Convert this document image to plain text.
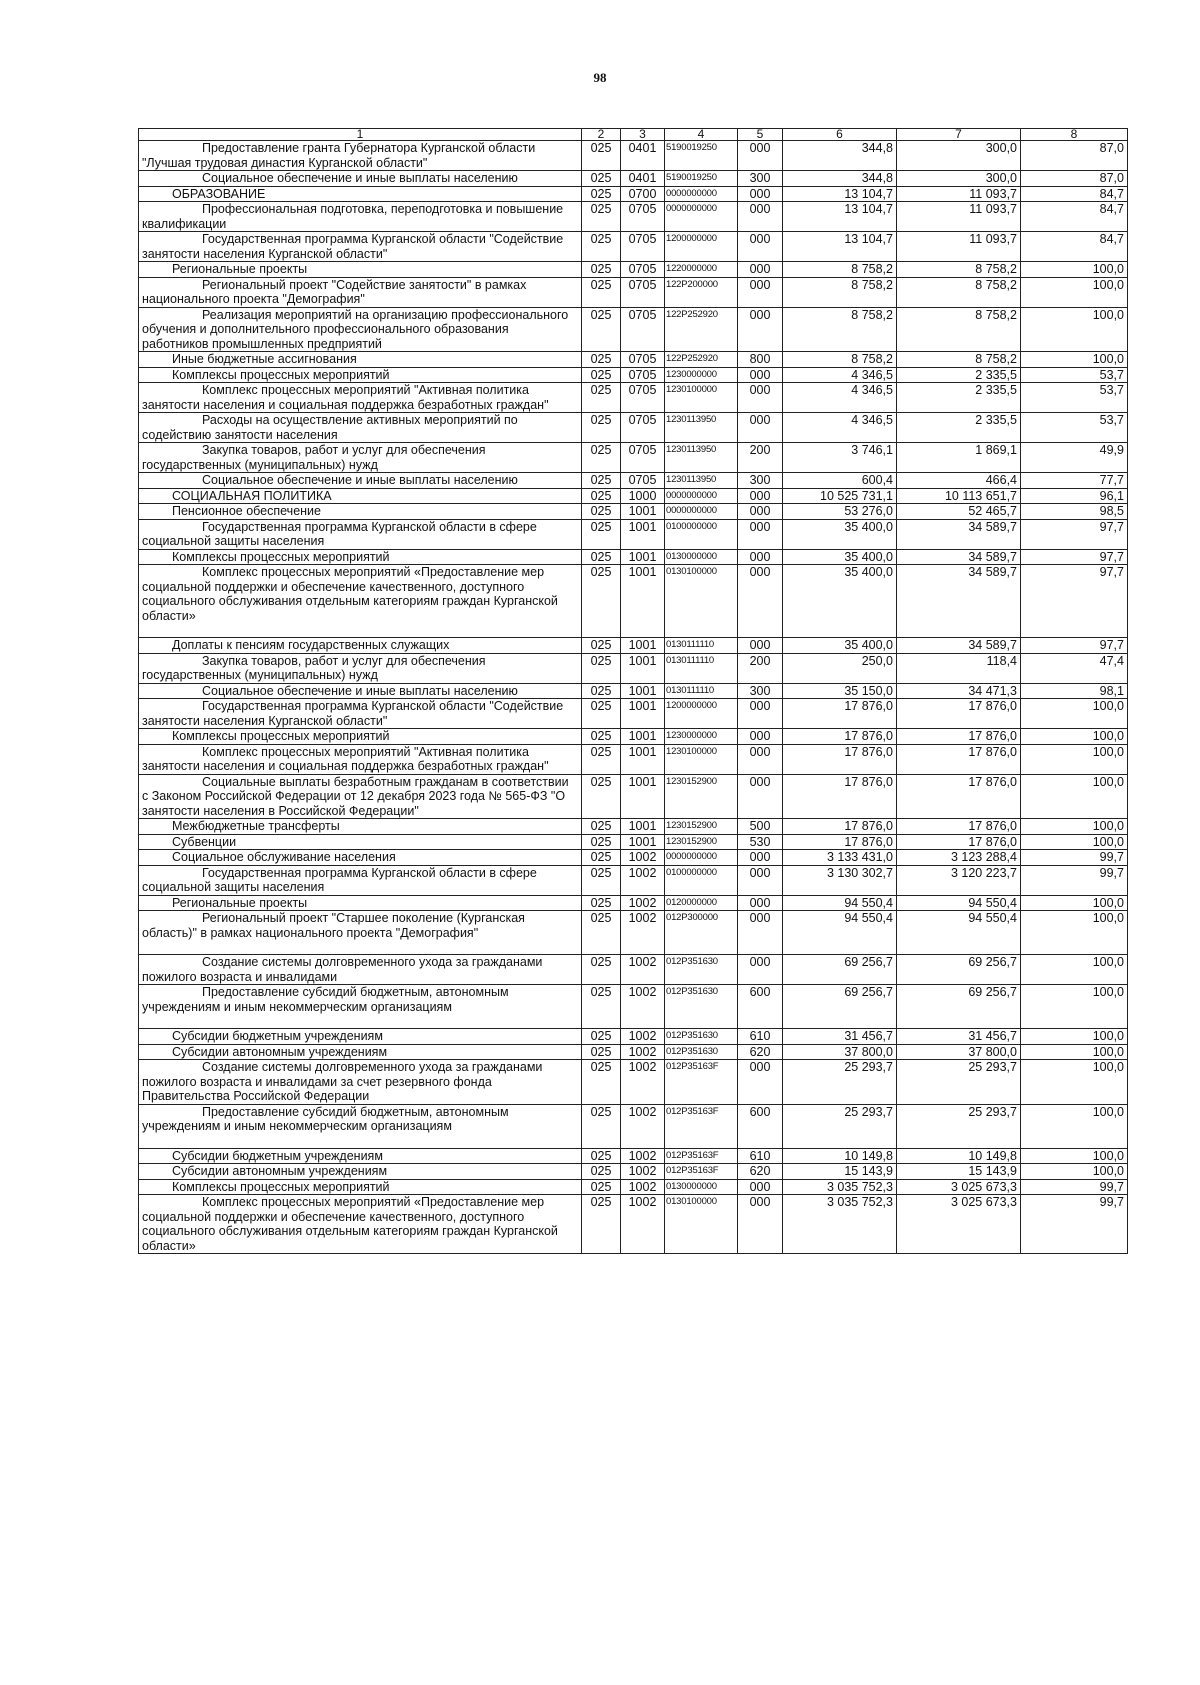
98
1	2	3	4	5	6	7	8

Предоставление гранта Губернатора Курганской области "Лучшая трудовая династия Курганской области"	025	0401	5190019250	000	344,8	300,0	87,0

Социальное обеспечение и иные выплаты населению	025	0401	5190019250	300	344,8	300,0	87,0

ОБРАЗОВАНИЕ	025	0700	0000000000	000	13 104,7	11 093,7	84,7

Профессиональная подготовка, переподготовка и повышение квалификации	025	0705	0000000000	000	13 104,7	11 093,7	84,7

Государственная программа Курганской области "Содействие занятости населения Курганской области"	025	0705	1200000000	000	13 104,7	11 093,7	84,7

Региональные проекты	025	0705	1220000000	000	8 758,2	8 758,2	100,0

Региональный проект "Содействие занятости" в рамках национального проекта "Демография"	025	0705	122P200000	000	8 758,2	8 758,2	100,0

Реализация мероприятий на организацию профессионального обучения и дополнительного профессионального образования работников промышленных предприятий	025	0705	122P252920	000	8 758,2	8 758,2	100,0

Иные бюджетные ассигнования	025	0705	122P252920	800	8 758,2	8 758,2	100,0

Комплексы процессных мероприятий	025	0705	1230000000	000	4 346,5	2 335,5	53,7

Комплекс процессных мероприятий "Активная политика занятости населения и социальная поддержка безработных граждан"	025	0705	1230100000	000	4 346,5	2 335,5	53,7

Расходы на осуществление активных мероприятий по содействию занятости населения	025	0705	1230113950	000	4 346,5	2 335,5	53,7

Закупка товаров, работ и услуг для обеспечения государственных (муниципальных) нужд	025	0705	1230113950	200	3 746,1	1 869,1	49,9

Социальное обеспечение и иные выплаты населению	025	0705	1230113950	300	600,4	466,4	77,7

СОЦИАЛЬНАЯ ПОЛИТИКА	025	1000	0000000000	000	10 525 731,1	10 113 651,7	96,1

Пенсионное обеспечение	025	1001	0000000000	000	53 276,0	52 465,7	98,5

Государственная программа Курганской области в сфере социальной защиты населения	025	1001	0100000000	000	35 400,0	34 589,7	97,7

Комплексы процессных мероприятий	025	1001	0130000000	000	35 400,0	34 589,7	97,7

Комплекс процессных мероприятий «Предоставление мер социальной поддержки и обеспечение качественного, доступного социального обслуживания отдельным категориям граждан Курганской области»	025	1001	0130100000	000	35 400,0	34 589,7	97,7

Доплаты к пенсиям государственных служащих	025	1001	0130111110	000	35 400,0	34 589,7	97,7

Закупка товаров, работ и услуг для обеспечения государственных (муниципальных) нужд	025	1001	0130111110	200	250,0	118,4	47,4

Социальное обеспечение и иные выплаты населению	025	1001	0130111110	300	35 150,0	34 471,3	98,1

Государственная программа Курганской области "Содействие занятости населения Курганской области"	025	1001	1200000000	000	17 876,0	17 876,0	100,0

Комплексы процессных мероприятий	025	1001	1230000000	000	17 876,0	17 876,0	100,0

Комплекс процессных мероприятий "Активная политика занятости населения и социальная поддержка безработных граждан"	025	1001	1230100000	000	17 876,0	17 876,0	100,0

Социальные выплаты безработным гражданам в соответствии с Законом Российской Федерации от 12 декабря 2023 года № 565-ФЗ "О занятости населения в Российской Федерации"	025	1001	1230152900	000	17 876,0	17 876,0	100,0

Межбюджетные трансферты	025	1001	1230152900	500	17 876,0	17 876,0	100,0

Субвенции	025	1001	1230152900	530	17 876,0	17 876,0	100,0

Социальное обслуживание населения	025	1002	0000000000	000	3 133 431,0	3 123 288,4	99,7

Государственная программа Курганской области в сфере социальной защиты населения	025	1002	0100000000	000	3 130 302,7	3 120 223,7	99,7

Региональные проекты	025	1002	0120000000	000	94 550,4	94 550,4	100,0

Региональный проект "Старшее поколение (Курганская область)" в рамках национального проекта "Демография"	025	1002	012P300000	000	94 550,4	94 550,4	100,0

Создание системы долговременного ухода за гражданами пожилого возраста и инвалидами	025	1002	012P351630	000	69 256,7	69 256,7	100,0

Предоставление субсидий бюджетным, автономным учреждениям и иным некоммерческим организациям	025	1002	012P351630	600	69 256,7	69 256,7	100,0

Субсидии бюджетным учреждениям	025	1002	012P351630	610	31 456,7	31 456,7	100,0

Субсидии автономным учреждениям	025	1002	012P351630	620	37 800,0	37 800,0	100,0

Создание системы долговременного ухода за гражданами пожилого возраста и инвалидами за счет резервного фонда Правительства Российской Федерации	025	1002	012P35163F	000	25 293,7	25 293,7	100,0

Предоставление субсидий бюджетным, автономным учреждениям и иным некоммерческим организациям	025	1002	012P35163F	600	25 293,7	25 293,7	100,0

Субсидии бюджетным учреждениям	025	1002	012P35163F	610	10 149,8	10 149,8	100,0

Субсидии автономным учреждениям	025	1002	012P35163F	620	15 143,9	15 143,9	100,0

Комплексы процессных мероприятий	025	1002	0130000000	000	3 035 752,3	3 025 673,3	99,7

Комплекс процессных мероприятий «Предоставление мер социальной поддержки и обеспечение качественного, доступного социального обслуживания отдельным категориям граждан Курганской области»	025	1002	0130100000	000	3 035 752,3	3 025 673,3	99,7
